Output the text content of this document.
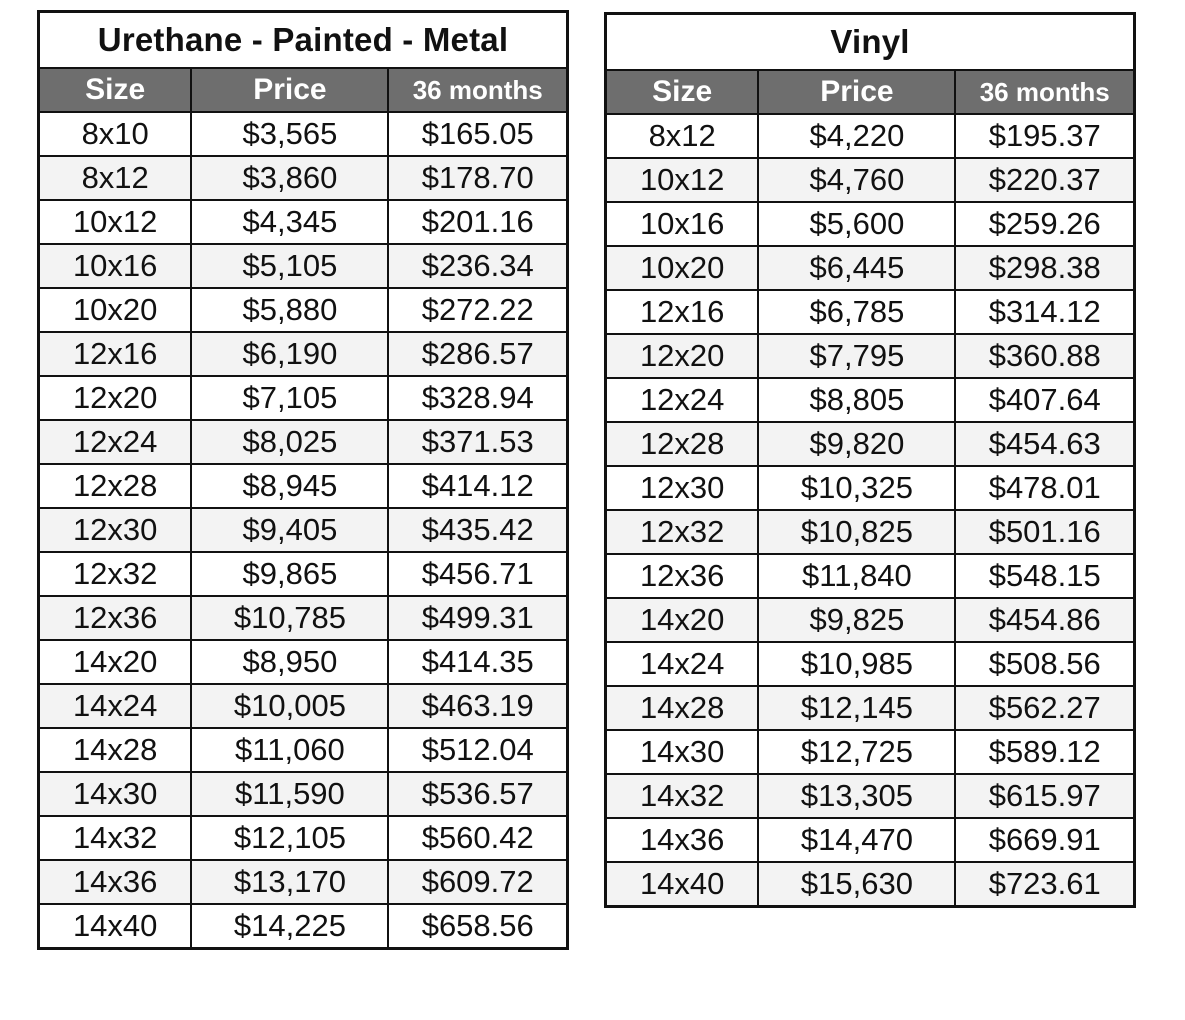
Urethane - Painted - Metal		
Size	Price	36 months
8x10	$3,565	$165.05
8x12	$3,860	$178.70
10x12	$4,345	$201.16
10x16	$5,105	$236.34
10x20	$5,880	$272.22
12x16	$6,190	$286.57
12x20	$7,105	$328.94
12x24	$8,025	$371.53
12x28	$8,945	$414.12
12x30	$9,405	$435.42
12x32	$9,865	$456.71
12x36	$10,785	$499.31
14x20	$8,950	$414.35
14x24	$10,005	$463.19
14x28	$11,060	$512.04
14x30	$11,590	$536.57
14x32	$12,105	$560.42
14x36	$13,170	$609.72
14x40	$14,225	$658.56
Vinyl		
Size	Price	36 months
8x12	$4,220	$195.37
10x12	$4,760	$220.37
10x16	$5,600	$259.26
10x20	$6,445	$298.38
12x16	$6,785	$314.12
12x20	$7,795	$360.88
12x24	$8,805	$407.64
12x28	$9,820	$454.63
12x30	$10,325	$478.01
12x32	$10,825	$501.16
12x36	$11,840	$548.15
14x20	$9,825	$454.86
14x24	$10,985	$508.56
14x28	$12,145	$562.27
14x30	$12,725	$589.12
14x32	$13,305	$615.97
14x36	$14,470	$669.91
14x40	$15,630	$723.61
